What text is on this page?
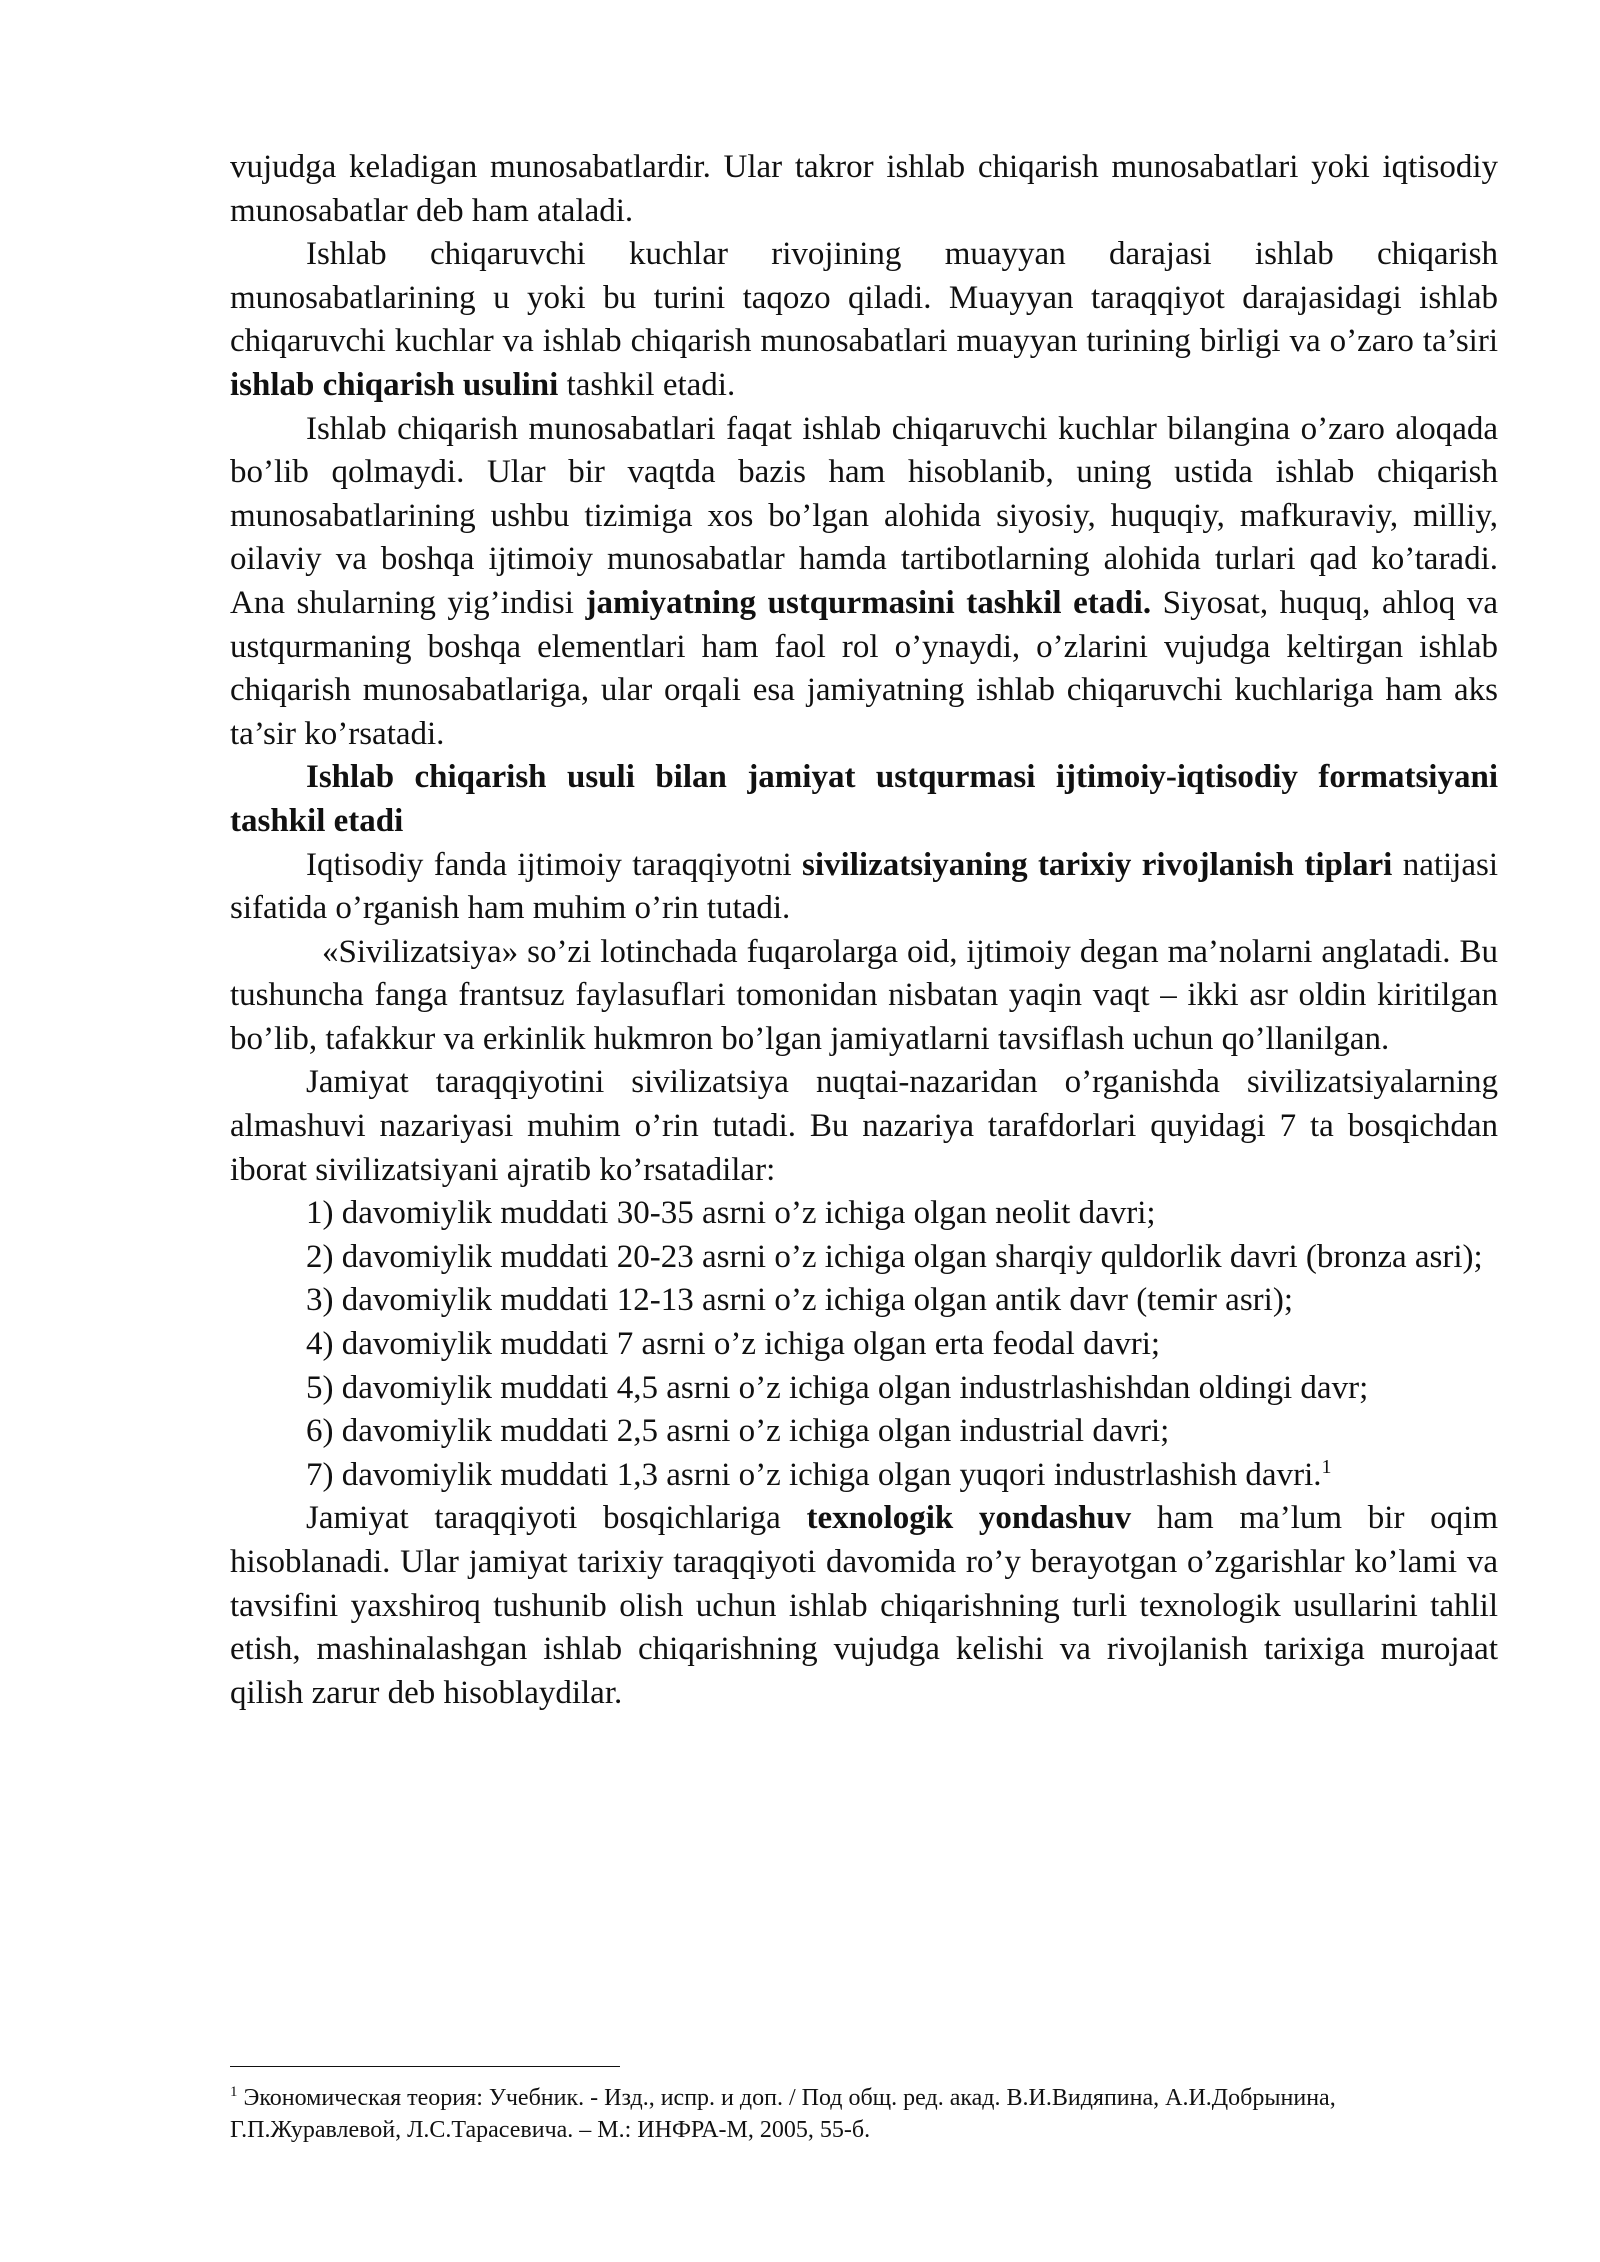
vujudga keladigan munosabatlardir. Ular takror ishlab chiqarish munosabatlari yoki iqtisodiy munosabatlar deb ham ataladi.

Ishlab chiqaruvchi kuchlar rivojining muayyan darajasi ishlab chiqarish munosabatlarining u yoki bu turini taqozo qiladi. Muayyan taraqqiyot darajasidagi ishlab chiqaruvchi kuchlar va ishlab chiqarish munosabatlari muayyan turining birligi va o’zaro ta’siri ishlab chiqarish usulini tashkil etadi.

Ishlab chiqarish munosabatlari faqat ishlab chiqaruvchi kuchlar bilangina o’zaro aloqada bo’lib qolmaydi. Ular bir vaqtda bazis ham hisoblanib, uning ustida ishlab chiqarish munosabatlarining ushbu tizimiga xos bo’lgan alohida siyosiy, huquqiy, mafkuraviy, milliy, oilaviy va boshqa ijtimoiy munosabatlar hamda tartibotlarning alohida turlari qad ko’taradi. Ana shularning yig’indisi jamiyatning ustqurmasini tashkil etadi. Siyosat, huquq, ahloq va ustqurmaning boshqa elementlari ham faol rol o’ynaydi, o’zlarini vujudga keltirgan ishlab chiqarish munosabatlariga, ular orqali esa jamiyatning ishlab chiqaruvchi kuchlariga ham aks ta’sir ko’rsatadi.

Ishlab chiqarish usuli bilan jamiyat ustqurmasi ijtimoiy-iqtisodiy formatsiyani tashkil etadi

Iqtisodiy fanda ijtimoiy taraqqiyotni sivilizatsiyaning tarixiy rivojlanish tiplari natijasi sifatida o’rganish ham muhim o’rin tutadi.

«Sivilizatsiya» so’zi lotinchada fuqarolarga oid, ijtimoiy degan ma’nolarni anglatadi. Bu tushuncha fanga frantsuz faylasuflari tomonidan nisbatan yaqin vaqt – ikki asr oldin kiritilgan bo’lib, tafakkur va erkinlik hukmron bo’lgan jamiyatlarni tavsiflash uchun qo’llanilgan.

Jamiyat taraqqiyotini sivilizatsiya nuqtai-nazaridan o’rganishda sivilizatsiyalarning almashuvi nazariyasi muhim o’rin tutadi. Bu nazariya tarafdorlari quyidagi 7 ta bosqichdan iborat sivilizatsiyani ajratib ko’rsatadilar:

1) davomiylik muddati 30-35 asrni o’z ichiga olgan neolit davri;

2) davomiylik muddati 20-23 asrni o’z ichiga olgan sharqiy quldorlik davri (bronza asri);

3) davomiylik muddati 12-13 asrni o’z ichiga olgan antik davr (temir asri);

4) davomiylik muddati 7 asrni o’z ichiga olgan erta feodal davri;

5) davomiylik muddati 4,5 asrni o’z ichiga olgan industrlashishdan oldingi davr;

6) davomiylik muddati 2,5 asrni o’z ichiga olgan industrial davri;

7) davomiylik muddati 1,3 asrni o’z ichiga olgan yuqori industrlashish davri.$^1$

Jamiyat taraqqiyoti bosqichlariga texnologik yondashuv ham ma’lum bir oqim hisoblanadi. Ular jamiyat tarixiy taraqqiyoti davomida ro’y berayotgan o’zgarishlar ko’lami va tavsifini yaxshiroq tushunib olish uchun ishlab chiqarishning turli texnologik usullarini tahlil etish, mashinalashgan ishlab chiqarishning vujudga kelishi va rivojlanish tarixiga murojaat qilish zarur deb hisoblaydilar.

$^1$ Экономическая теория: Учебник. - Изд., испр. и доп. / Под общ. ред. акад. В.И.Видяпина, А.И.Добрынина, Г.П.Журавлевой, Л.С.Тарасевича. – М.: ИНФРА-М, 2005, 55-б.
